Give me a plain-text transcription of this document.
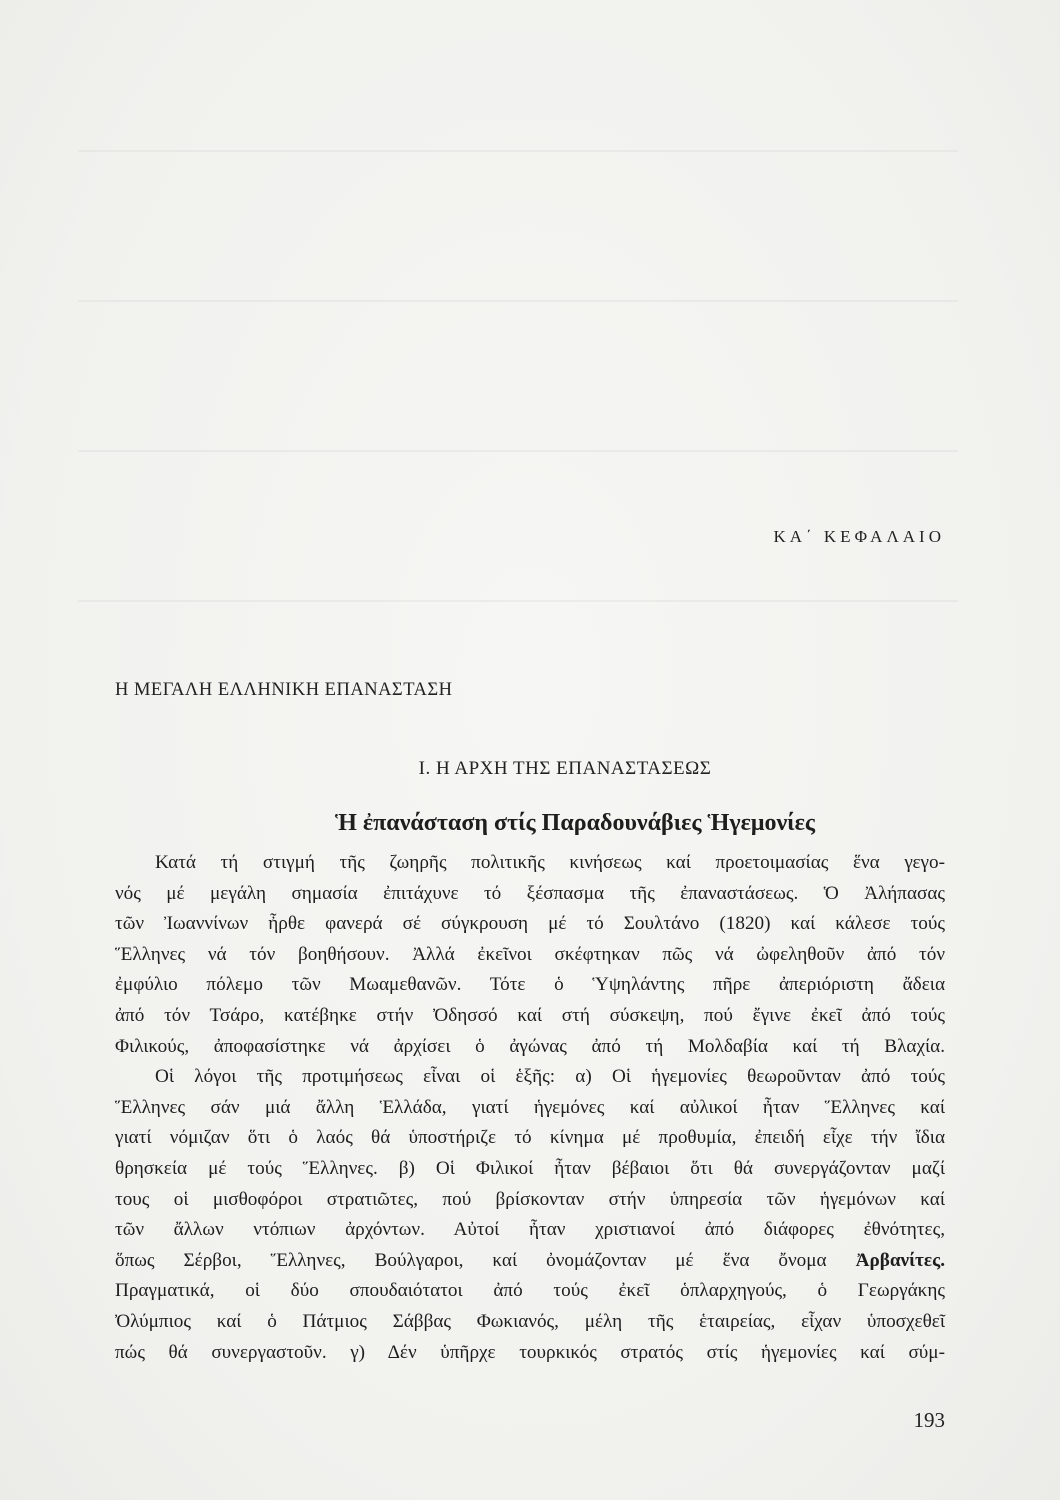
ΚΑ΄ ΚΕΦΑΛΑΙΟ
Η ΜΕΓΑΛΗ ΕΛΛΗΝΙΚΗ ΕΠΑΝΑΣΤΑΣΗ
Ι. Η ΑΡΧΗ ΤΗΣ ΕΠΑΝΑΣΤΑΣΕΩΣ
Ἡ ἐπανάσταση στίς Παραδουνάβιες Ἡγεμονίες
Κατά τή στιγμή τῆς ζωηρῆς πολιτικῆς κινήσεως καί προετοιμασίας ἕνα γεγο-
νός μέ μεγάλη σημασία ἐπιτάχυνε τό ξέσπασμα τῆς ἐπαναστάσεως. Ὁ Ἀλήπασας
τῶν Ἰωαννίνων ἦρθε φανερά σέ σύγκρουση μέ τό Σουλτάνο (1820) καί κάλεσε τούς
Ἕλληνες νά τόν βοηθήσουν. Ἀλλά ἐκεῖνοι σκέφτηκαν πῶς νά ὠφεληθοῦν ἀπό τόν
ἐμφύλιο πόλεμο τῶν Μωαμεθανῶν. Τότε ὁ Ὑψηλάντης πῆρε ἀπεριόριστη ἄδεια
ἀπό τόν Τσάρο, κατέβηκε στήν Ὀδησσό καί στή σύσκεψη, πού ἔγινε ἐκεῖ ἀπό τούς
Φιλικούς, ἀποφασίστηκε νά ἀρχίσει ὁ ἀγώνας ἀπό τή Μολδαβία καί τή Βλαχία.
Οἱ λόγοι τῆς προτιμήσεως εἶναι οἱ ἑξῆς: α) Οἱ ἡγεμονίες θεωροῦνταν ἀπό τούς
Ἕλληνες σάν μιά ἄλλη Ἑλλάδα, γιατί ἡγεμόνες καί αὐλικοί ἦταν Ἕλληνες καί
γιατί νόμιζαν ὅτι ὁ λαός θά ὑποστήριζε τό κίνημα μέ προθυμία, ἐπειδή εἶχε τήν ἴδια
θρησκεία μέ τούς Ἕλληνες. β) Οἱ Φιλικοί ἦταν βέβαιοι ὅτι θά συνεργάζονταν μαζί
τους οἱ μισθοφόροι στρατιῶτες, πού βρίσκονταν στήν ὑπηρεσία τῶν ἡγεμόνων καί
τῶν ἄλλων ντόπιων ἀρχόντων. Αὐτοί ἦταν χριστιανοί ἀπό διάφορες ἐθνότητες,
ὅπως Σέρβοι, Ἕλληνες, Βούλγαροι, καί ὀνομάζονταν μέ ἕνα ὄνομα Ἀρβανίτες.
Πραγματικά, οἱ δύο σπουδαιότατοι ἀπό τούς ἐκεῖ ὁπλαρχηγούς, ὁ Γεωργάκης
Ὀλύμπιος καί ὁ Πάτμιος Σάββας Φωκιανός, μέλη τῆς ἑταιρείας, εἶχαν ὑποσχεθεῖ
πώς θά συνεργαστοῦν. γ) Δέν ὑπῆρχε τουρκικός στρατός στίς ἡγεμονίες καί σύμ-
193
